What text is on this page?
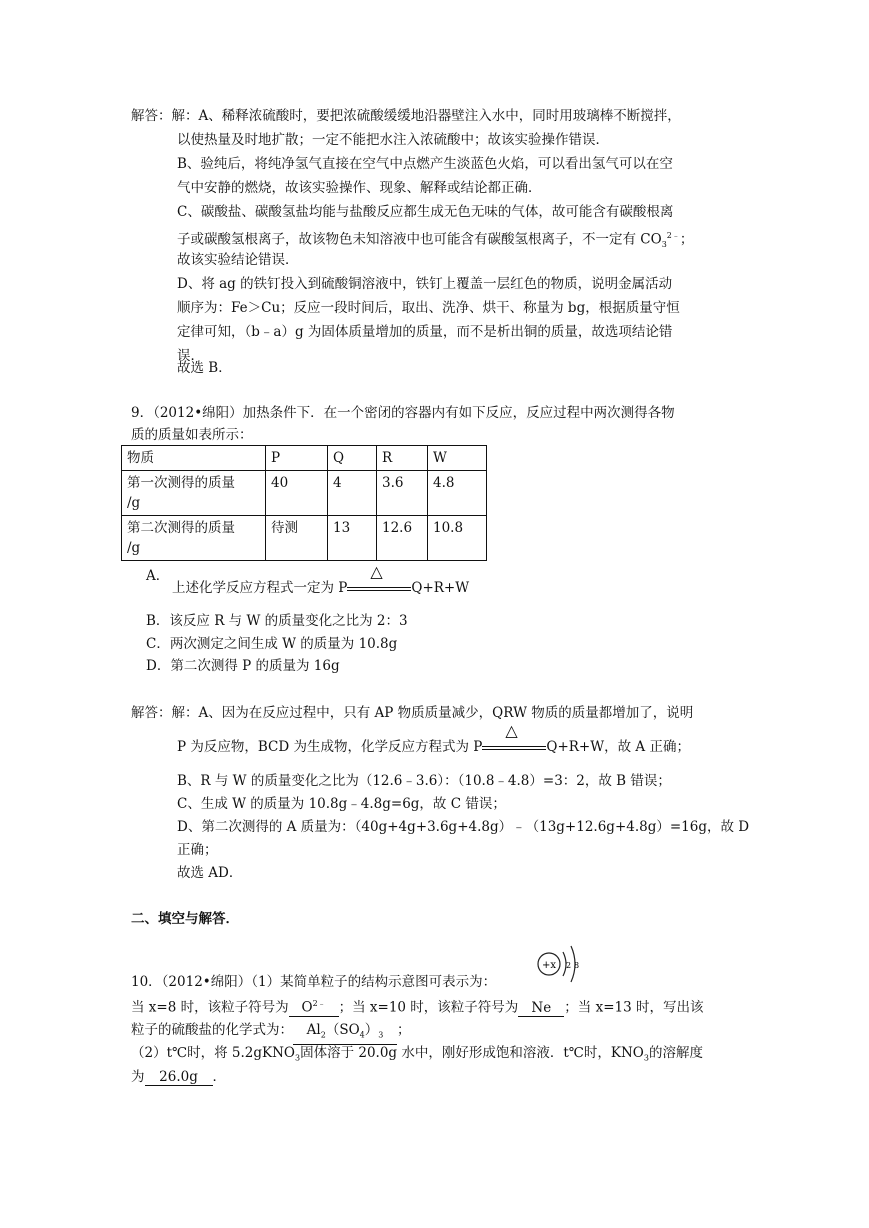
解答：解：A、稀释浓硫酸时，要把浓硫酸缓缓地沿器壁注入水中，同时用玻璃棒不断搅拌，
以使热量及时地扩散；一定不能把水注入浓硫酸中；故该实验操作错误．
B、验纯后，将纯净氢气直接在空气中点燃产生淡蓝色火焰，可以看出氢气可以在空
气中安静的燃烧，故该实验操作、现象、解释或结论都正确．
C、碳酸盐、碳酸氢盐均能与盐酸反应都生成无色无味的气体，故可能含有碳酸根离
子或碳酸氢根离子，故该物色未知溶液中也可能含有碳酸氢根离子，不一定有 $CO_3^{2﹣}$；
故该实验结论错误．
D、将 ag 的铁钉投入到硫酸铜溶液中，铁钉上覆盖一层红色的物质，说明金属活动
顺序为：Fe＞Cu；反应一段时间后，取出、洗净、烘干、称量为 bg，根据质量守恒
定律可知，（b﹣a）g 为固体质量增加的质量，而不是析出铜的质量，故选项结论错
误．
故选 B．
9．（2012•绵阳）加热条件下．在一个密闭的容器内有如下反应，反应过程中两次测得各物
质的质量如表所示：
物质	P	Q	R	W

第一次测得的质量
/g	40	4	3.6	4.8

第二次测得的质量
/g	待测	13	12.6	10.8
A．
上述化学反应方程式一定为 P
△
Q+R+W
B．该反应 R 与 W 的质量变化之比为 2：3
C．两次测定之间生成 W 的质量为 10.8g
D．第二次测得 P 的质量为 16g
解答：解：A、因为在反应过程中，只有 AP 物质质量减少，QRW 物质的质量都增加了，说明
P 为反应物，BCD 为生成物，化学反应方程式为 P
△
Q+R+W，故 A 正确；
B、R 与 W 的质量变化之比为（12.6﹣3.6）：（10.8﹣4.8）=3：2，故 B 错误；
C、生成 W 的质量为 10.8g﹣4.8g=6g，故 C 错误；
D、第二次测得的 A 质量为：（40g+4g+3.6g+4.8g）﹣（13g+12.6g+4.8g）=16g，故 D
正确；
故选 AD．
二、填空与解答．
+x 2 8
10．（2012•绵阳）（1）某简单粒子的结构示意图可表示为：
当 x=8 时，该粒子符号为 $O^{2﹣}$ ；当 x=10 时，该粒子符号为 Ne ；当 x=13 时，写出该
粒子的硫酸盐的化学式为： $Al_2(SO_4)_3$ ；
（2）t℃时，将 5.2gKNO$_3$固体溶于 20.0g 水中，刚好形成饱和溶液．t℃时，$KNO_3$的溶解度
为 26.0g ．
